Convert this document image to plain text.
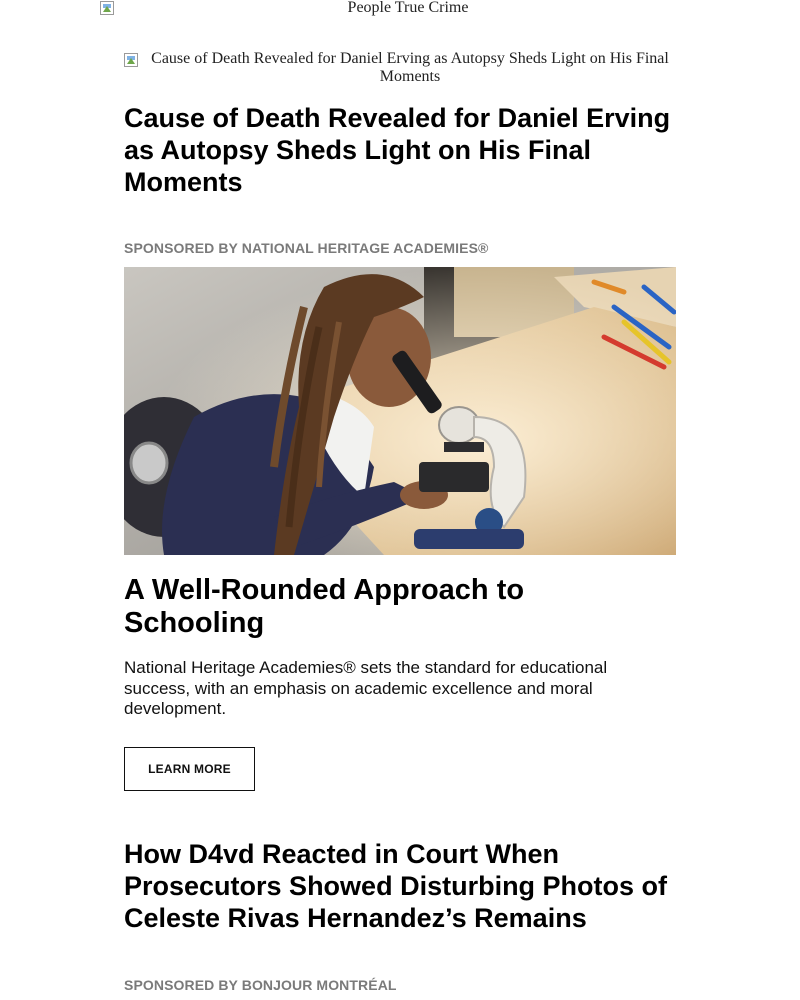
People True Crime
Cause of Death Revealed for Daniel Erving as Autopsy Sheds Light on His Final Moments
Cause of Death Revealed for Daniel Erving as Autopsy Sheds Light on His Final Moments
SPONSORED BY NATIONAL HERITAGE ACADEMIES®
A Well-Rounded Approach to Schooling

National Heritage Academies® sets the standard for educational success, with an emphasis on academic excellence and moral development.

LEARN MORE
How D4vd Reacted in Court When Prosecutors Showed Disturbing Photos of Celeste Rivas Hernandez’s Remains
SPONSORED BY BONJOUR MONTRÉAL
